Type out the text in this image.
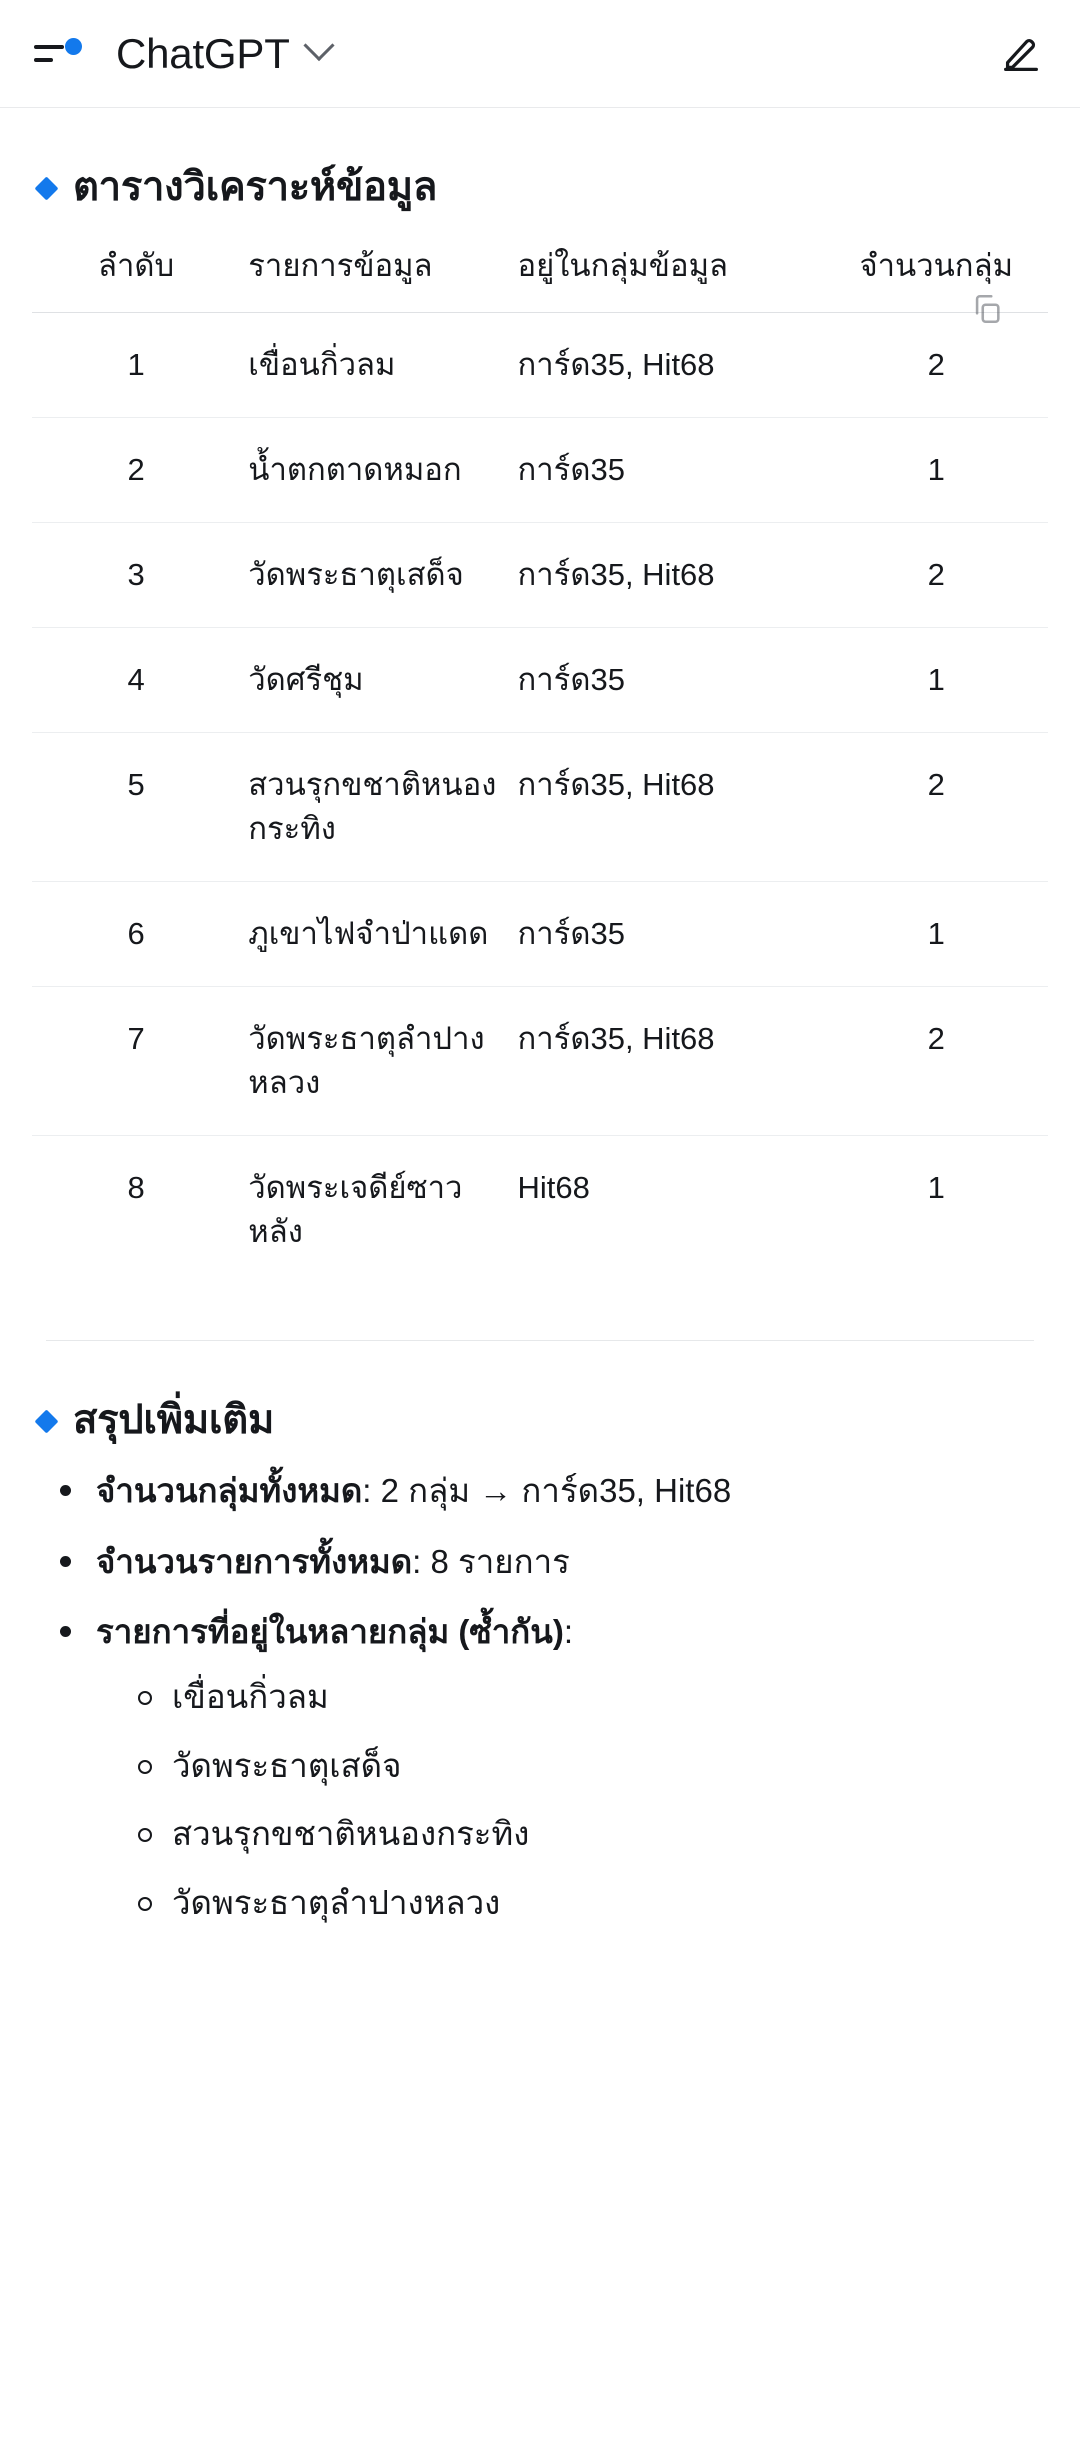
ChatGPT
ตารางวิเคราะห์ข้อมูล
ลำดับ	รายการข้อมูล	อยู่ในกลุ่มข้อมูล	จำนวนกลุ่ม
1	เขื่อนกิ่วลม	การ์ด35, Hit68	2
2	น้ำตกตาดหมอก	การ์ด35	1
3	วัดพระธาตุเสด็จ	การ์ด35, Hit68	2
4	วัดศรีชุม	การ์ด35	1
5	สวนรุกขชาติหนองกระทิง	การ์ด35, Hit68	2
6	ภูเขาไฟจำป่าแดด	การ์ด35	1
7	วัดพระธาตุลำปางหลวง	การ์ด35, Hit68	2
8	วัดพระเจดีย์ซาวหลัง	Hit68	1
สรุปเพิ่มเติม
จำนวนกลุ่มทั้งหมด: 2 กลุ่ม → การ์ด35, Hit68
จำนวนรายการทั้งหมด: 8 รายการ
รายการที่อยู่ในหลายกลุ่ม (ซ้ำกัน):
เขื่อนกิ่วลม
วัดพระธาตุเสด็จ
สวนรุกขชาติหนองกระทิง
วัดพระธาตุลำปางหลวง
